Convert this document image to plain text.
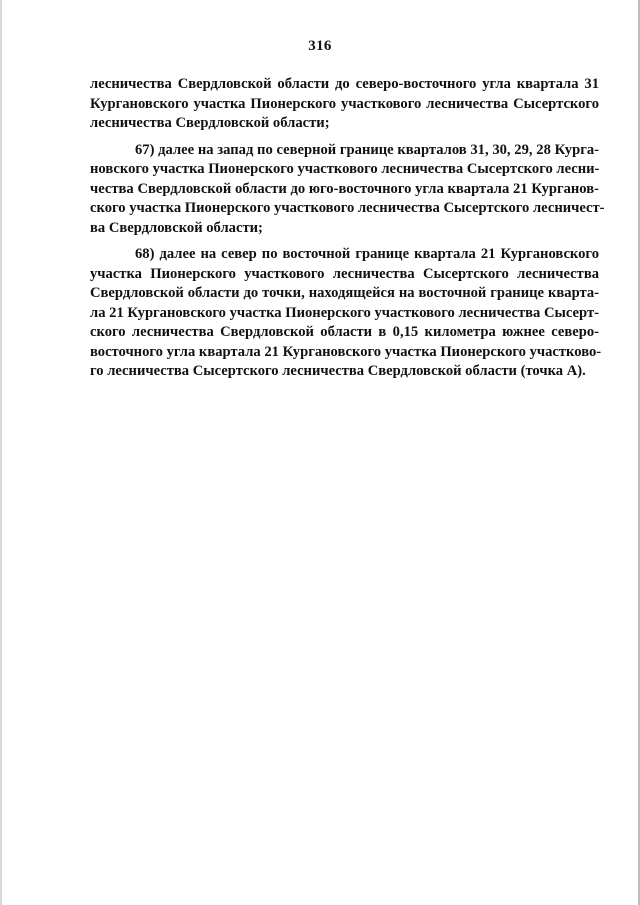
316
лесничества Свердловской области до северо-восточного угла квартала 31
Кургановского участка Пионерского участкового лесничества Сысертского
лесничества Свердловской области;
67) далее на запад по северной границе кварталов 31, 30, 29, 28 Курга-
новского участка Пионерского участкового лесничества Сысертского лесни-
чества Свердловской области до юго-восточного угла квартала 21 Курганов-
ского участка Пионерского участкового лесничества Сысертского лесничест-
ва Свердловской области;
68) далее на север по восточной границе квартала 21 Кургановского
участка Пионерского участкового лесничества Сысертского лесничества
Свердловской области до точки, находящейся на восточной границе кварта-
ла 21 Кургановского участка Пионерского участкового лесничества Сысерт-
ского лесничества Свердловской области в 0,15 километра южнее северо-
восточного угла квартала 21 Кургановского участка Пионерского участково-
го лесничества Сысертского лесничества Свердловской области (точка А).
